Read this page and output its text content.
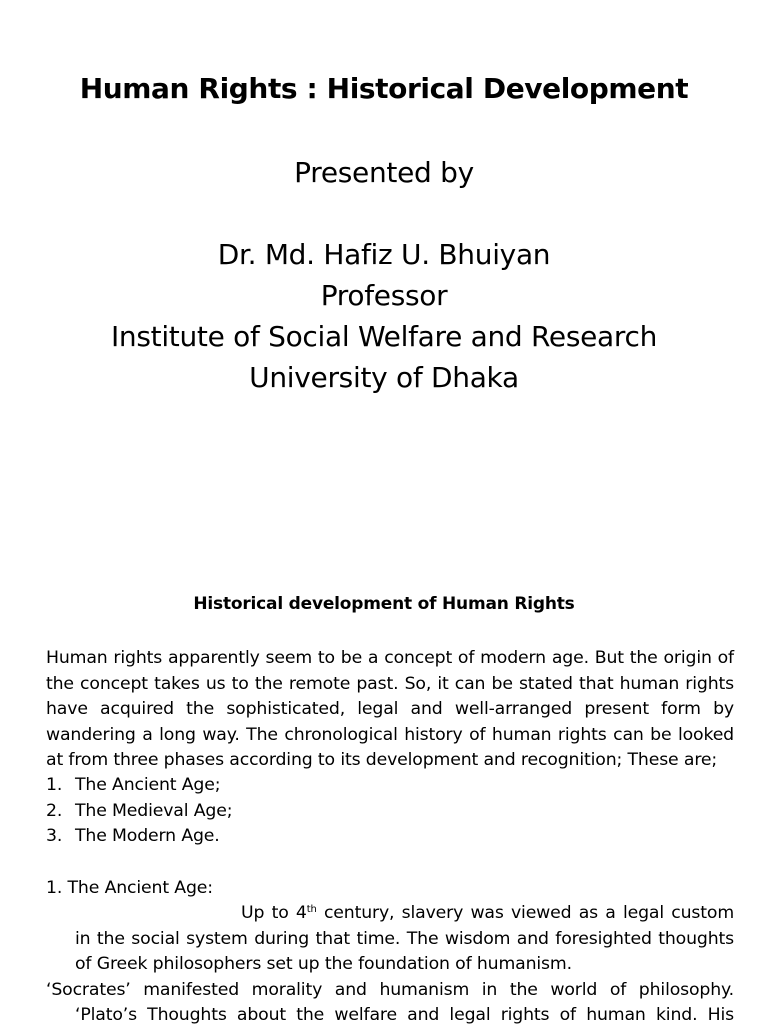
Human Rights : Historical Development
Presented by
Dr. Md. Hafiz U. Bhuiyan
Professor
Institute of Social Welfare and Research
University of Dhaka
Historical development of Human Rights
Human rights apparently seem to be a concept of modern age. But the origin of the concept takes us to the remote past. So, it can be stated that human rights have acquired the sophisticated, legal and well-arranged present form by wandering a long way. The chronological history of human rights can be looked at from three phases according to its development and recognition; These are;
1. The Ancient Age;
2. The Medieval Age;
3. The Modern Age.
1. The Ancient Age:

Up to 4th century, slavery was viewed as a legal custom in the social system during that time. The wisdom and foresighted thoughts of Greek philosophers set up the foundation of humanism.

‘Socrates’ manifested morality and humanism in the world of philosophy.

‘Plato’s Thoughts about the welfare and legal rights of human kind. His
